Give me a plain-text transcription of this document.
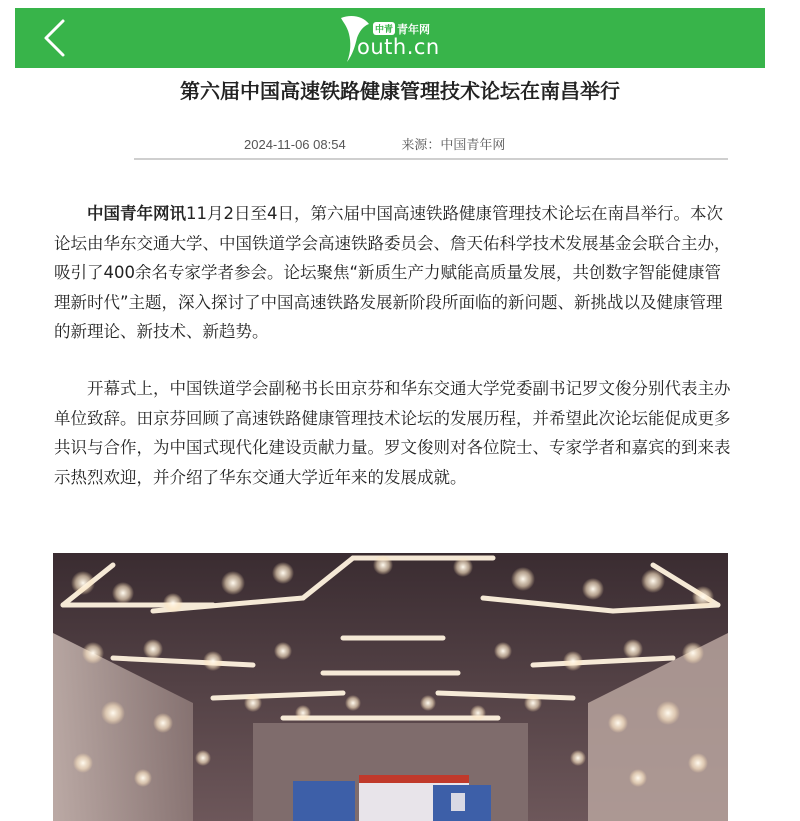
中青 青年网
outh.cn
第六届中国高速铁路健康管理技术论坛在南昌举行
2024-11-06 08:54	来源：中国青年网

中国青年网讯11月2日至4日，第六届中国高速铁路健康管理技术论坛在南昌举行。本次论坛由华东交通大学、中国铁道学会高速铁路委员会、詹天佑科学技术发展基金会联合主办，吸引了400余名专家学者参会。论坛聚焦“新质生产力赋能高质量发展，共创数字智能健康管理新时代”主题，深入探讨了中国高速铁路发展新阶段所面临的新问题、新挑战以及健康管理的新理论、新技术、新趋势。

开幕式上，中国铁道学会副秘书长田京芬和华东交通大学党委副书记罗文俊分别代表主办单位致辞。田京芬回顾了高速铁路健康管理技术论坛的发展历程，并希望此次论坛能促成更多共识与合作，为中国式现代化建设贡献力量。罗文俊则对各位院士、专家学者和嘉宾的到来表示热烈欢迎，并介绍了华东交通大学近年来的发展成就。
